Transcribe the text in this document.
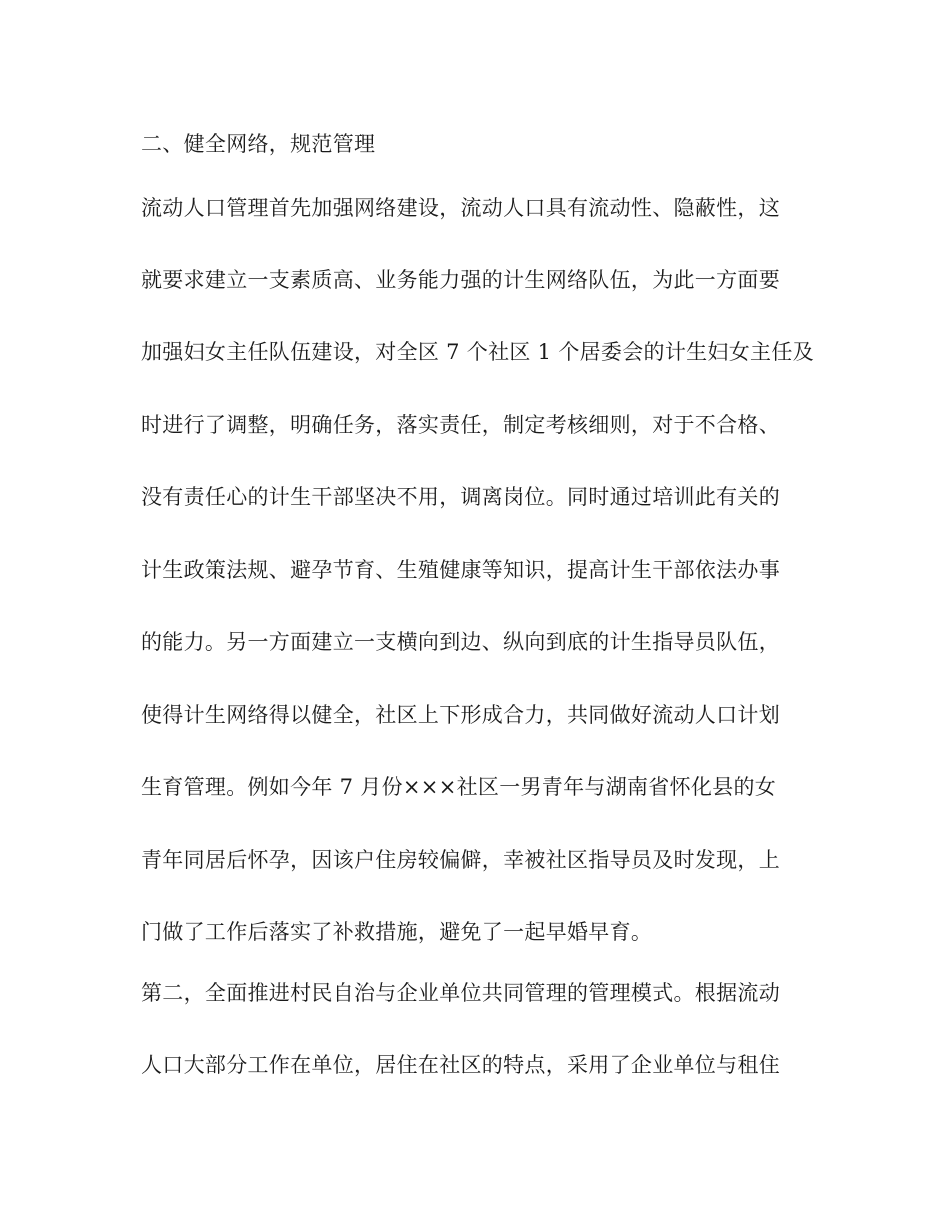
二、健全网络，规范管理
流动人口管理首先加强网络建设，流动人口具有流动性、隐蔽性，这
就要求建立一支素质高、业务能力强的计生网络队伍，为此一方面要
加强妇女主任队伍建设，对全区 7 个社区 1 个居委会的计生妇女主任及
时进行了调整，明确任务，落实责任，制定考核细则，对于不合格、
没有责任心的计生干部坚决不用，调离岗位。同时通过培训此有关的
计生政策法规、避孕节育、生殖健康等知识，提高计生干部依法办事
的能力。另一方面建立一支横向到边、纵向到底的计生指导员队伍，
使得计生网络得以健全，社区上下形成合力，共同做好流动人口计划
生育管理。例如今年 7 月份×××社区一男青年与湖南省怀化县的女
青年同居后怀孕，因该户住房较偏僻，幸被社区指导员及时发现，上
门做了工作后落实了补救措施，避免了一起早婚早育。
第二，全面推进村民自治与企业单位共同管理的管理模式。根据流动
人口大部分工作在单位，居住在社区的特点，采用了企业单位与租住
